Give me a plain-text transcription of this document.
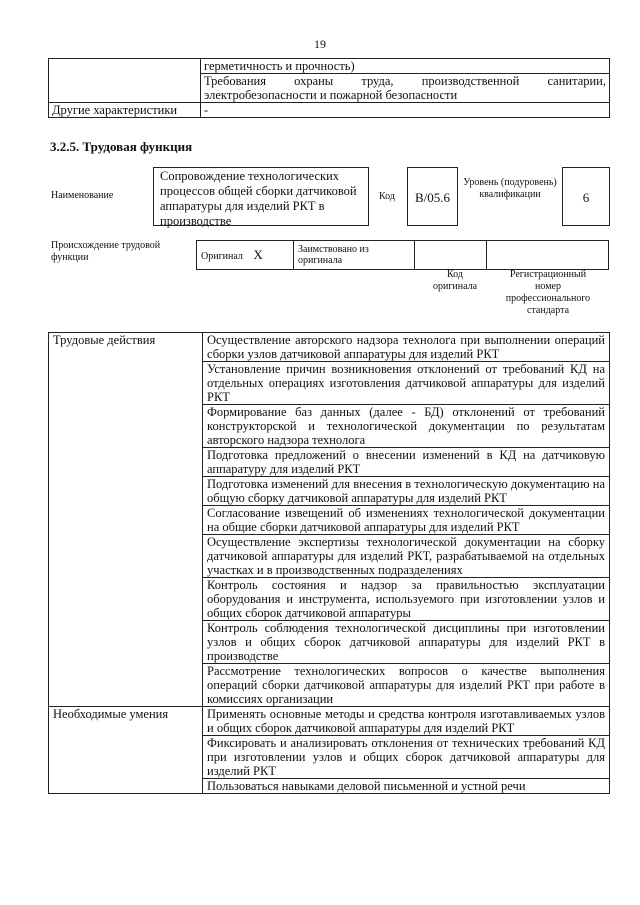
19
	герметичность и прочность)
	Требования охраны труда, производственной санитарии, электробезопасности и пожарной безопасности
Другие характеристики	-
3.2.5. Трудовая функция
Наименование
Сопровождение технологических процессов общей сборки датчиковой аппаратуры для изделий РКТ в производстве
Код	В/05.6
Уровень (подуровень) квалификации	6
Происхождение трудовой функции	Оригинал X	Заимствовано из оригинала		
Код оригинала
Регистрационный номер профессионального стандарта
Трудовые действия	Осуществление авторского надзора технолога при выполнении операций сборки узлов датчиковой аппаратуры для изделий РКТ
	Установление причин возникновения отклонений от требований КД на отдельных операциях изготовления датчиковой аппаратуры для изделий РКТ
	Формирование баз данных (далее - БД) отклонений от требований конструкторской и технологической документации по результатам авторского надзора технолога
	Подготовка предложений о внесении изменений в КД на датчиковую аппаратуру для изделий РКТ
	Подготовка изменений для внесения в технологическую документацию на общую сборку датчиковой аппаратуры для изделий РКТ
	Согласование извещений об изменениях технологической документации на общие сборки датчиковой аппаратуры для изделий РКТ
	Осуществление экспертизы технологической документации на сборку датчиковой аппаратуры для изделий РКТ, разрабатываемой на отдельных участках и в производственных подразделениях
	Контроль состояния и надзор за правильностью эксплуатации оборудования и инструмента, используемого при изготовлении узлов и общих сборок датчиковой аппаратуры
	Контроль соблюдения технологической дисциплины при изготовлении узлов и общих сборок датчиковой аппаратуры для изделий РКТ в производстве
	Рассмотрение технологических вопросов о качестве выполнения операций сборки датчиковой аппаратуры для изделий РКТ при работе в комиссиях организации
Необходимые умения	Применять основные методы и средства контроля изготавливаемых узлов и общих сборок датчиковой аппаратуры для изделий РКТ
	Фиксировать и анализировать отклонения от технических требований КД при изготовлении узлов и общих сборок датчиковой аппаратуры для изделий РКТ
	Пользоваться навыками деловой письменной и устной речи
